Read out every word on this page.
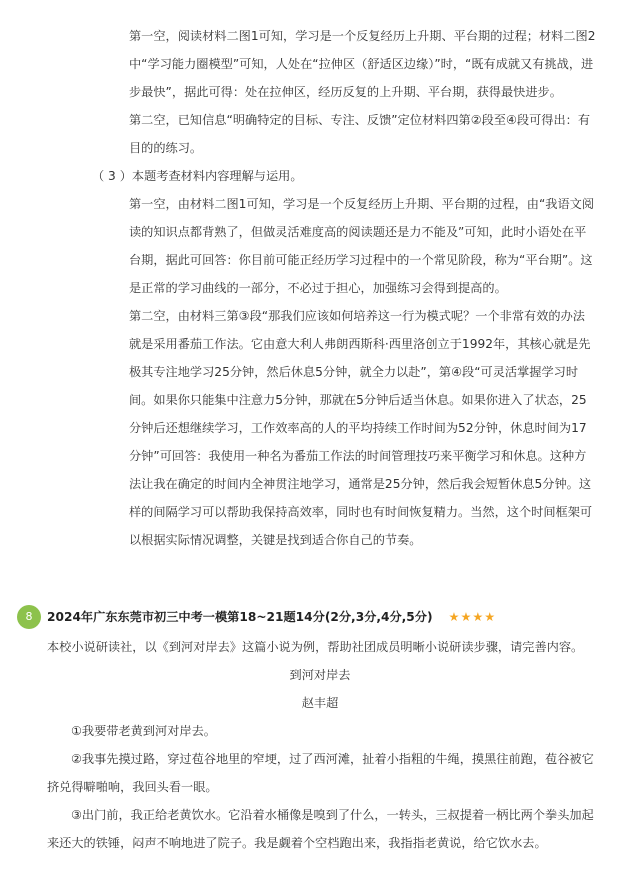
第一空，阅读材料二图1可知，学习是一个反复经历上升期、平台期的过程；材料二图2

中“学习能力圈模型”可知，人处在“拉伸区（舒适区边缘）”时，“既有成就又有挑战，进

步最快”，据此可得：处在拉伸区，经历反复的上升期、平台期，获得最快进步。

第二空，已知信息“明确特定的目标、专注、反馈”定位材料四第②段至④段可得出：有

目的的练习。

（ 3 ）本题考查材料内容理解与运用。

第一空，由材料二图1可知，学习是一个反复经历上升期、平台期的过程，由“我语文阅

读的知识点都背熟了，但做灵活难度高的阅读题还是力不能及”可知，此时小语处在平

台期，据此可回答：你目前可能正经历学习过程中的一个常见阶段，称为“平台期”。这

是正常的学习曲线的一部分，不必过于担心，加强练习会得到提高的。

第二空，由材料三第③段“那我们应该如何培养这一行为模式呢？一个非常有效的办法

就是采用番茄工作法。它由意大利人弗朗西斯科·西里洛创立于1992年，其核心就是先

极其专注地学习25分钟，然后休息5分钟，就全力以赴”，第④段“可灵活掌握学习时

间。如果你只能集中注意力5分钟，那就在5分钟后适当休息。如果你进入了状态，25

分钟后还想继续学习，工作效率高的人的平均持续工作时间为52分钟，休息时间为17

分钟”可回答：我使用一种名为番茄工作法的时间管理技巧来平衡学习和休息。这种方

法让我在确定的时间内全神贯注地学习，通常是25分钟，然后我会短暂休息5分钟。这

样的间隔学习可以帮助我保持高效率，同时也有时间恢复精力。当然，这个时间框架可

以根据实际情况调整，关键是找到适合你自己的节奏。

8	2024年广东东莞市初三中考一模第18~21题14分(2分,3分,4分,5分) ★★★★

本校小说研读社，以《到河对岸去》这篇小说为例，帮助社团成员明晰小说研读步骤，请完善内容。

到河对岸去

赵丰超

①我要带老黄到河对岸去。

②我事先摸过路，穿过苞谷地里的窄埂，过了西河滩，扯着小指粗的牛绳，摸黑往前跑，苞谷被它

挤兑得噼啪响，我回头看一眼。

③出门前，我正给老黄饮水。它沿着水桶像是嗅到了什么，一转头，三叔提着一柄比两个拳头加起

来还大的铁锤，闷声不响地进了院子。我是觑着个空档跑出来，我指指老黄说，给它饮水去。
